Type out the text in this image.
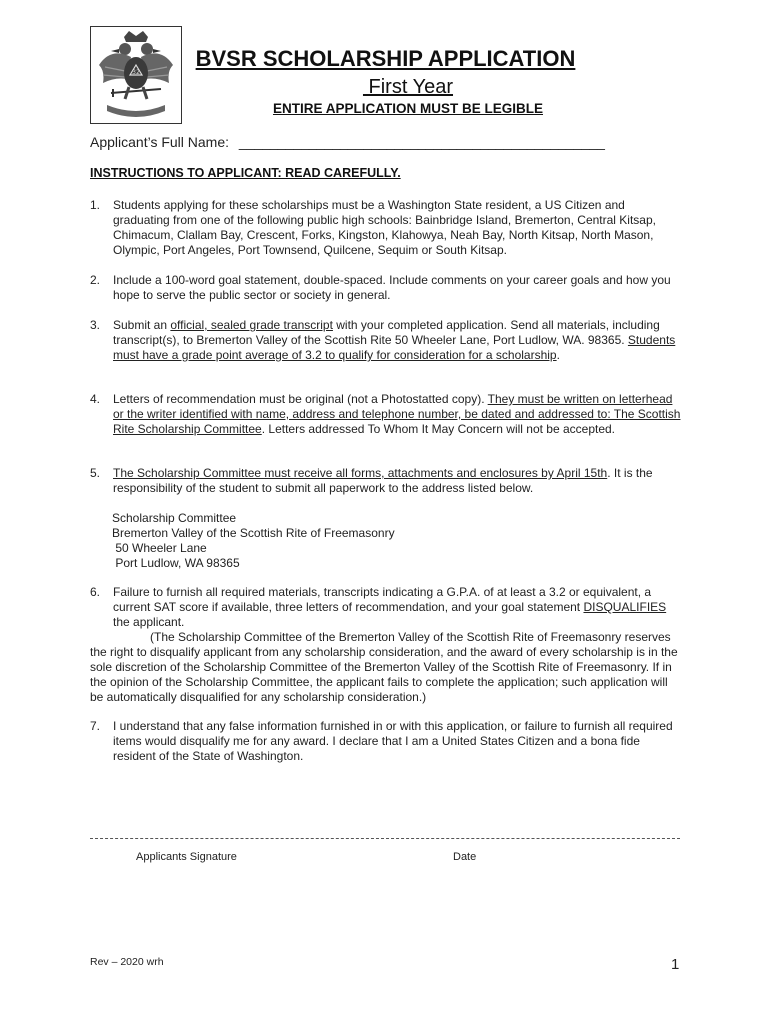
32
BVSR SCHOLARSHIP APPLICATION
First Year
ENTIRE APPLICATION MUST BE LEGIBLE
Applicant’s Full Name: _______________________________________________
INSTRUCTIONS TO APPLICANT: READ CAREFULLY.
1. Students applying for these scholarships must be a Washington State resident, a US Citizen and graduating from one of the following public high schools: Bainbridge Island, Bremerton, Central Kitsap, Chimacum, Clallam Bay, Crescent, Forks, Kingston, Klahowya, Neah Bay, North Kitsap, North Mason, Olympic, Port Angeles, Port Townsend, Quilcene, Sequim or South Kitsap.
2. Include a 100-word goal statement, double-spaced. Include comments on your career goals and how you hope to serve the public sector or society in general.
3. Submit an official, sealed grade transcript with your completed application. Send all materials, including transcript(s), to Bremerton Valley of the Scottish Rite 50 Wheeler Lane, Port Ludlow, WA. 98365. Students must have a grade point average of 3.2 to qualify for consideration for a scholarship.
4. Letters of recommendation must be original (not a Photostatted copy). They must be written on letterhead or the writer identified with name, address and telephone number, be dated and addressed to: The Scottish Rite Scholarship Committee. Letters addressed To Whom It May Concern will not be accepted.
5. The Scholarship Committee must receive all forms, attachments and enclosures by April 15th. It is the responsibility of the student to submit all paperwork to the address listed below.
Scholarship Committee
Bremerton Valley of the Scottish Rite of Freemasonry
50 Wheeler Lane
Port Ludlow, WA 98365
6. Failure to furnish all required materials, transcripts indicating a G.P.A. of at least a 3.2 or equivalent, a current SAT score if available, three letters of recommendation, and your goal statement DISQUALIFIES the applicant.
(The Scholarship Committee of the Bremerton Valley of the Scottish Rite of Freemasonry reserves the right to disqualify applicant from any scholarship consideration, and the award of every scholarship is in the sole discretion of the Scholarship Committee of the Bremerton Valley of the Scottish Rite of Freemasonry. If in the opinion of the Scholarship Committee, the applicant fails to complete the application; such application will be automatically disqualified for any scholarship consideration.)
7. I understand that any false information furnished in or with this application, or failure to furnish all required items would disqualify me for any award. I declare that I am a United States Citizen and a bona fide resident of the State of Washington.
Applicants Signature	Date
Rev – 2020 wrh	1
